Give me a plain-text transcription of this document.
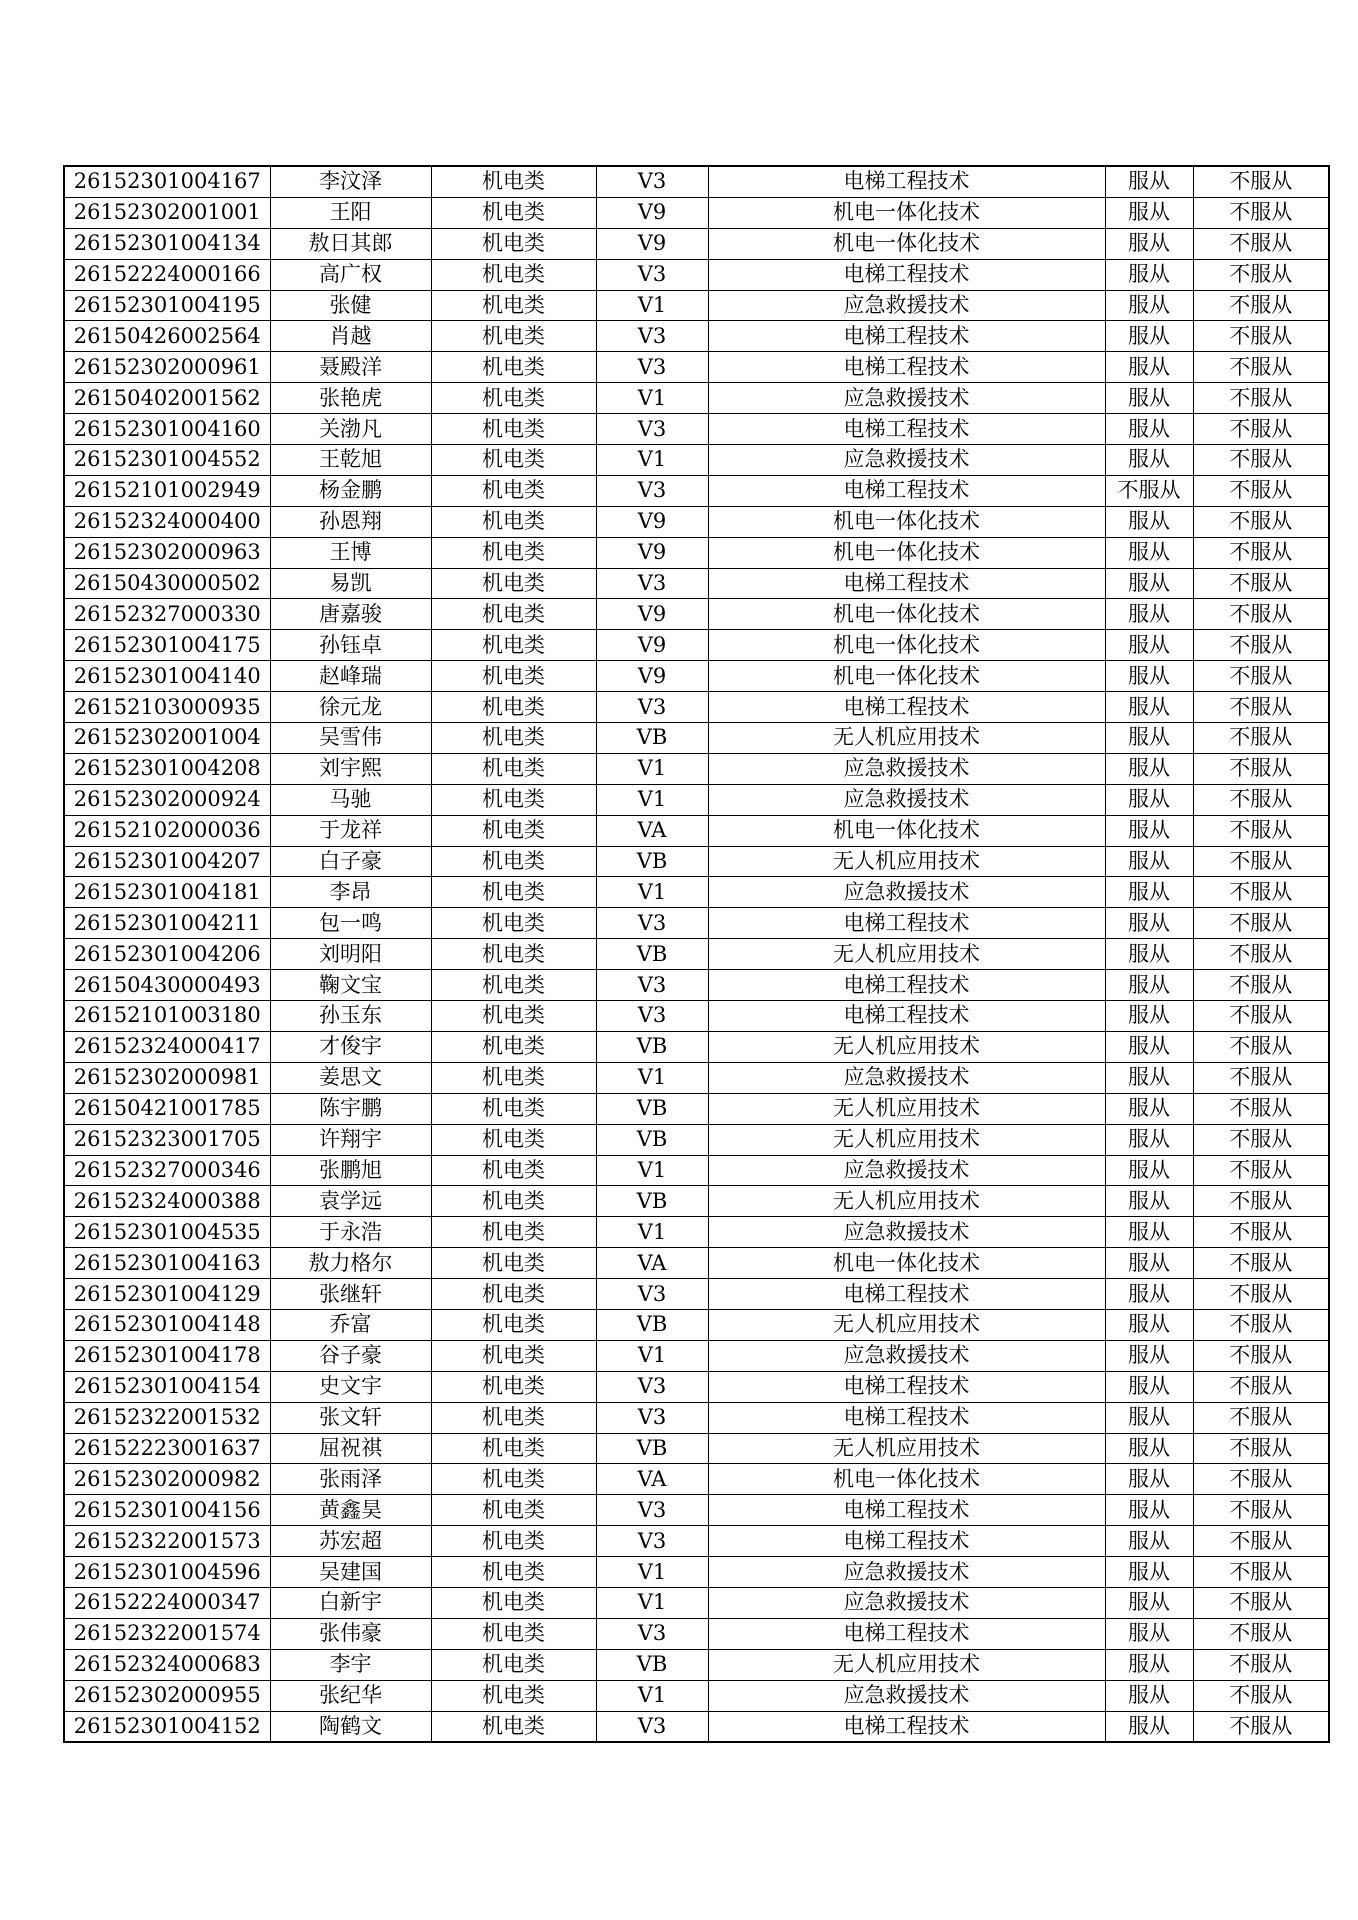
26152301004167	李汶泽	机电类	V3	电梯工程技术	服从	不服从
26152302001001	王阳	机电类	V9	机电一体化技术	服从	不服从
26152301004134	敖日其郎	机电类	V9	机电一体化技术	服从	不服从
26152224000166	高广权	机电类	V3	电梯工程技术	服从	不服从
26152301004195	张健	机电类	V1	应急救援技术	服从	不服从
26150426002564	肖越	机电类	V3	电梯工程技术	服从	不服从
26152302000961	聂殿洋	机电类	V3	电梯工程技术	服从	不服从
26150402001562	张艳虎	机电类	V1	应急救援技术	服从	不服从
26152301004160	关渤凡	机电类	V3	电梯工程技术	服从	不服从
26152301004552	王乾旭	机电类	V1	应急救援技术	服从	不服从
26152101002949	杨金鹏	机电类	V3	电梯工程技术	不服从	不服从
26152324000400	孙恩翔	机电类	V9	机电一体化技术	服从	不服从
26152302000963	王博	机电类	V9	机电一体化技术	服从	不服从
26150430000502	易凯	机电类	V3	电梯工程技术	服从	不服从
26152327000330	唐嘉骏	机电类	V9	机电一体化技术	服从	不服从
26152301004175	孙钰卓	机电类	V9	机电一体化技术	服从	不服从
26152301004140	赵峰瑞	机电类	V9	机电一体化技术	服从	不服从
26152103000935	徐元龙	机电类	V3	电梯工程技术	服从	不服从
26152302001004	吴雪伟	机电类	VB	无人机应用技术	服从	不服从
26152301004208	刘宇熙	机电类	V1	应急救援技术	服从	不服从
26152302000924	马驰	机电类	V1	应急救援技术	服从	不服从
26152102000036	于龙祥	机电类	VA	机电一体化技术	服从	不服从
26152301004207	白子豪	机电类	VB	无人机应用技术	服从	不服从
26152301004181	李昂	机电类	V1	应急救援技术	服从	不服从
26152301004211	包一鸣	机电类	V3	电梯工程技术	服从	不服从
26152301004206	刘明阳	机电类	VB	无人机应用技术	服从	不服从
26150430000493	鞠文宝	机电类	V3	电梯工程技术	服从	不服从
26152101003180	孙玉东	机电类	V3	电梯工程技术	服从	不服从
26152324000417	才俊宇	机电类	VB	无人机应用技术	服从	不服从
26152302000981	姜思文	机电类	V1	应急救援技术	服从	不服从
26150421001785	陈宇鹏	机电类	VB	无人机应用技术	服从	不服从
26152323001705	许翔宇	机电类	VB	无人机应用技术	服从	不服从
26152327000346	张鹏旭	机电类	V1	应急救援技术	服从	不服从
26152324000388	袁学远	机电类	VB	无人机应用技术	服从	不服从
26152301004535	于永浩	机电类	V1	应急救援技术	服从	不服从
26152301004163	敖力格尔	机电类	VA	机电一体化技术	服从	不服从
26152301004129	张继轩	机电类	V3	电梯工程技术	服从	不服从
26152301004148	乔富	机电类	VB	无人机应用技术	服从	不服从
26152301004178	谷子豪	机电类	V1	应急救援技术	服从	不服从
26152301004154	史文宇	机电类	V3	电梯工程技术	服从	不服从
26152322001532	张文轩	机电类	V3	电梯工程技术	服从	不服从
26152223001637	屈祝祺	机电类	VB	无人机应用技术	服从	不服从
26152302000982	张雨泽	机电类	VA	机电一体化技术	服从	不服从
26152301004156	黄鑫昊	机电类	V3	电梯工程技术	服从	不服从
26152322001573	苏宏超	机电类	V3	电梯工程技术	服从	不服从
26152301004596	吴建国	机电类	V1	应急救援技术	服从	不服从
26152224000347	白新宇	机电类	V1	应急救援技术	服从	不服从
26152322001574	张伟豪	机电类	V3	电梯工程技术	服从	不服从
26152324000683	李宇	机电类	VB	无人机应用技术	服从	不服从
26152302000955	张纪华	机电类	V1	应急救援技术	服从	不服从
26152301004152	陶鹤文	机电类	V3	电梯工程技术	服从	不服从
